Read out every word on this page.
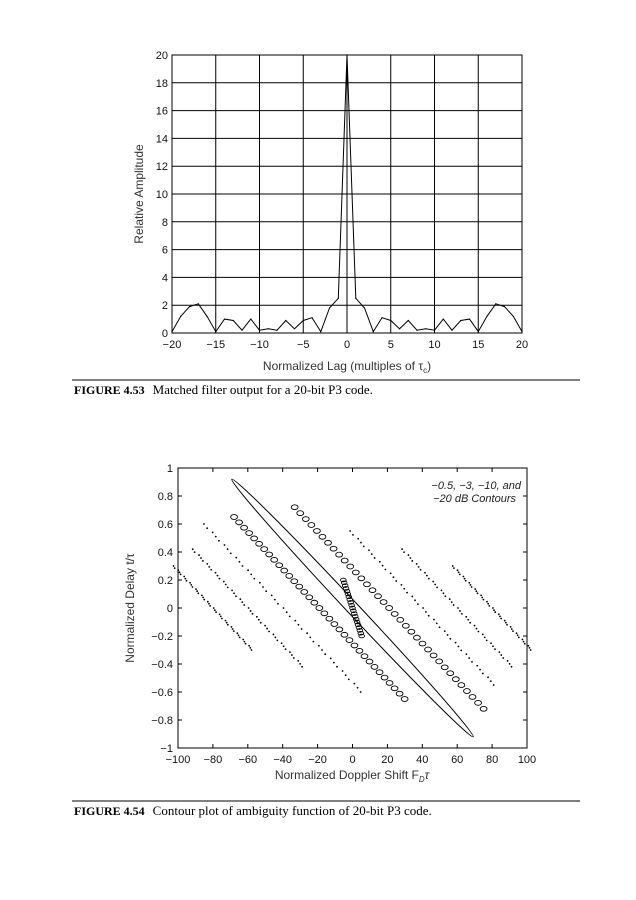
−20 −15 −10	−5	0	5	10	15	20
0
2
4
6
8
10
12
14
16
18
20
Normalized Lag (multiples of $\tau_c$)
Relative Amplitude
FIGURE 4.53 Matched filter output for a 20-bit P3 code.
−100 −80 −60 −40 −20 0 20 40 60 80 100
−1
−0.8
−0.6
−0.4
−0.2
0
0.2
0.4
0.6
0.8
1
−0.5, −3, −10, and
−20 dB Contours
Normalized Doppler Shift $F_D\tau$
Normalized Delay t/τ
FIGURE 4.54 Contour plot of ambiguity function of 20-bit P3 code.
